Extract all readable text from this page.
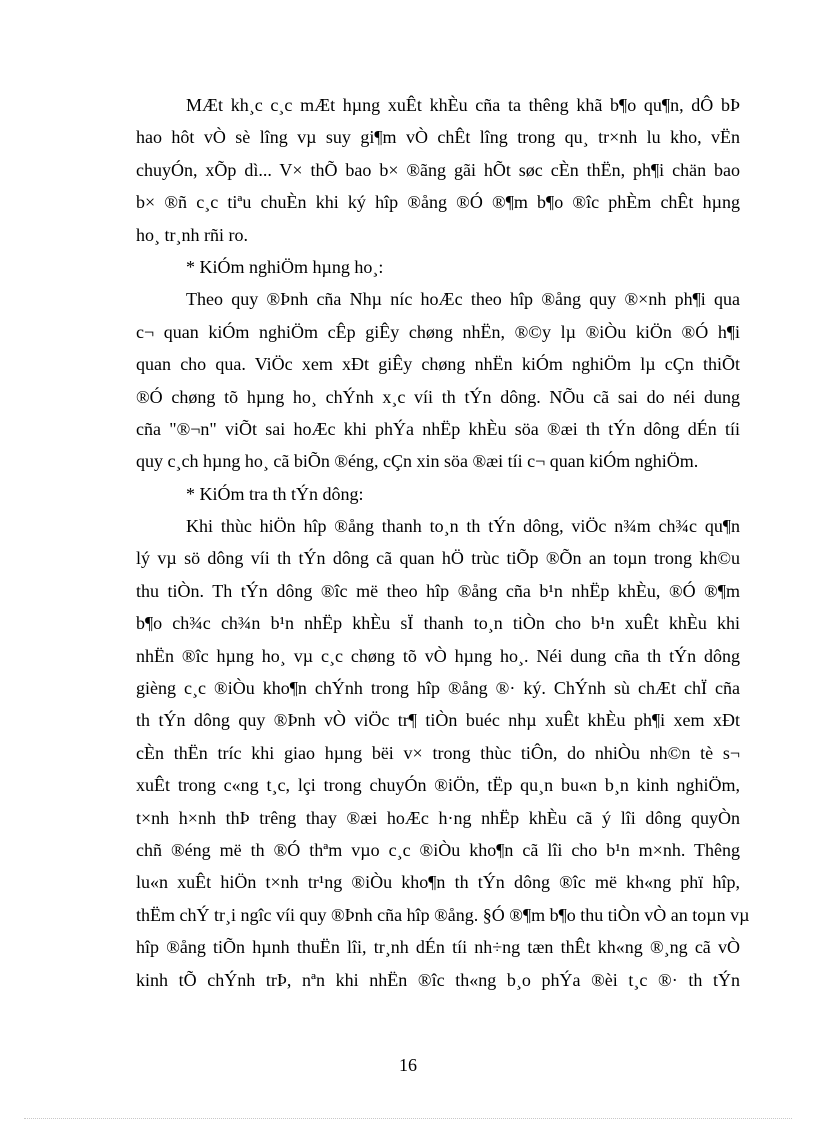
MÆt kh¸c c¸c mÆt hµng xuÊt khÈu cña ta thêng khã b¶o qu¶n, dÔ bÞ
hao hôt vÒ sè lîng vµ suy gi¶m vÒ chÊt lîng trong qu¸ tr×nh lu kho, vËn
chuyÓn, xÕp dì... V× thÕ bao b× ®ãng gãi hÕt søc cÈn thËn, ph¶i chän bao
b× ®ñ c¸c tiªu chuÈn khi ký hîp ®ång ®Ó ®¶m b¶o ®îc phÈm chÊt hµng
ho¸ tr¸nh rñi ro.
* KiÓm nghiÖm hµng ho¸:
Theo quy ®Þnh cña Nhµ níc hoÆc theo hîp ®ång quy ®×nh ph¶i qua
c¬ quan kiÓm nghiÖm cÊp giÊy chøng nhËn, ®©y lµ ®iÒu kiÖn ®Ó h¶i
quan cho qua. ViÖc xem xÐt giÊy chøng nhËn kiÓm nghiÖm lµ cÇn thiÕt
®Ó chøng tõ hµng ho¸ chÝnh x¸c víi th tÝn dông. NÕu cã sai do néi dung
cña "®¬n" viÕt sai hoÆc khi phÝa nhËp khÈu söa ®æi th tÝn dông dÉn tíi
quy c¸ch hµng ho¸ cã biÕn ®éng, cÇn xin söa ®æi tíi c¬ quan kiÓm nghiÖm.
* KiÓm tra th tÝn dông:
Khi thùc hiÖn hîp ®ång thanh to¸n th tÝn dông, viÖc n¾m ch¾c qu¶n
lý vµ sö dông víi th tÝn dông cã quan hÖ trùc tiÕp ®Õn an toµn trong kh©u
thu tiÒn. Th tÝn dông ®îc më theo hîp ®ång cña b¹n nhËp khÈu, ®Ó ®¶m
b¶o ch¾c ch¾n b¹n nhËp khÈu sÏ thanh to¸n tiÒn cho b¹n xuÊt khÈu khi
nhËn ®îc hµng ho¸ vµ c¸c chøng tõ vÒ hµng ho¸. Néi dung cña th tÝn dông
gièng c¸c ®iÒu kho¶n chÝnh trong hîp ®ång ®· ký. ChÝnh sù chÆt chÏ cña
th tÝn dông quy ®Þnh vÒ viÖc tr¶ tiÒn buéc nhµ xuÊt khÈu ph¶i xem xÐt
cÈn thËn tríc khi giao hµng bëi v× trong thùc tiÔn, do nhiÒu nh©n tè s¬
xuÊt trong c«ng t¸c, lçi trong chuyÓn ®iÖn, tËp qu¸n bu«n b¸n kinh nghiÖm,
t×nh h×nh thÞ trêng thay ®æi hoÆc h·ng nhËp khÈu cã ý lîi dông quyÒn
chñ ®éng më th ®Ó thªm vµo c¸c ®iÒu kho¶n cã lîi cho b¹n m×nh. Thêng
lu«n xuÊt hiÖn t×nh tr¹ng ®iÒu kho¶n th tÝn dông ®îc më kh«ng phï hîp,
thËm chÝ tr¸i ngîc víi quy ®Þnh cña hîp ®ång. §Ó ®¶m b¶o thu tiÒn vÒ an toµn vµ
hîp ®ång tiÕn hµnh thuËn lîi, tr¸nh dÉn tíi nh÷ng tæn thÊt kh«ng ®¸ng cã vÒ
kinh tÕ chÝnh trÞ, nªn khi nhËn ®îc th«ng b¸o phÝa ®èi t¸c ®· th tÝn
16
